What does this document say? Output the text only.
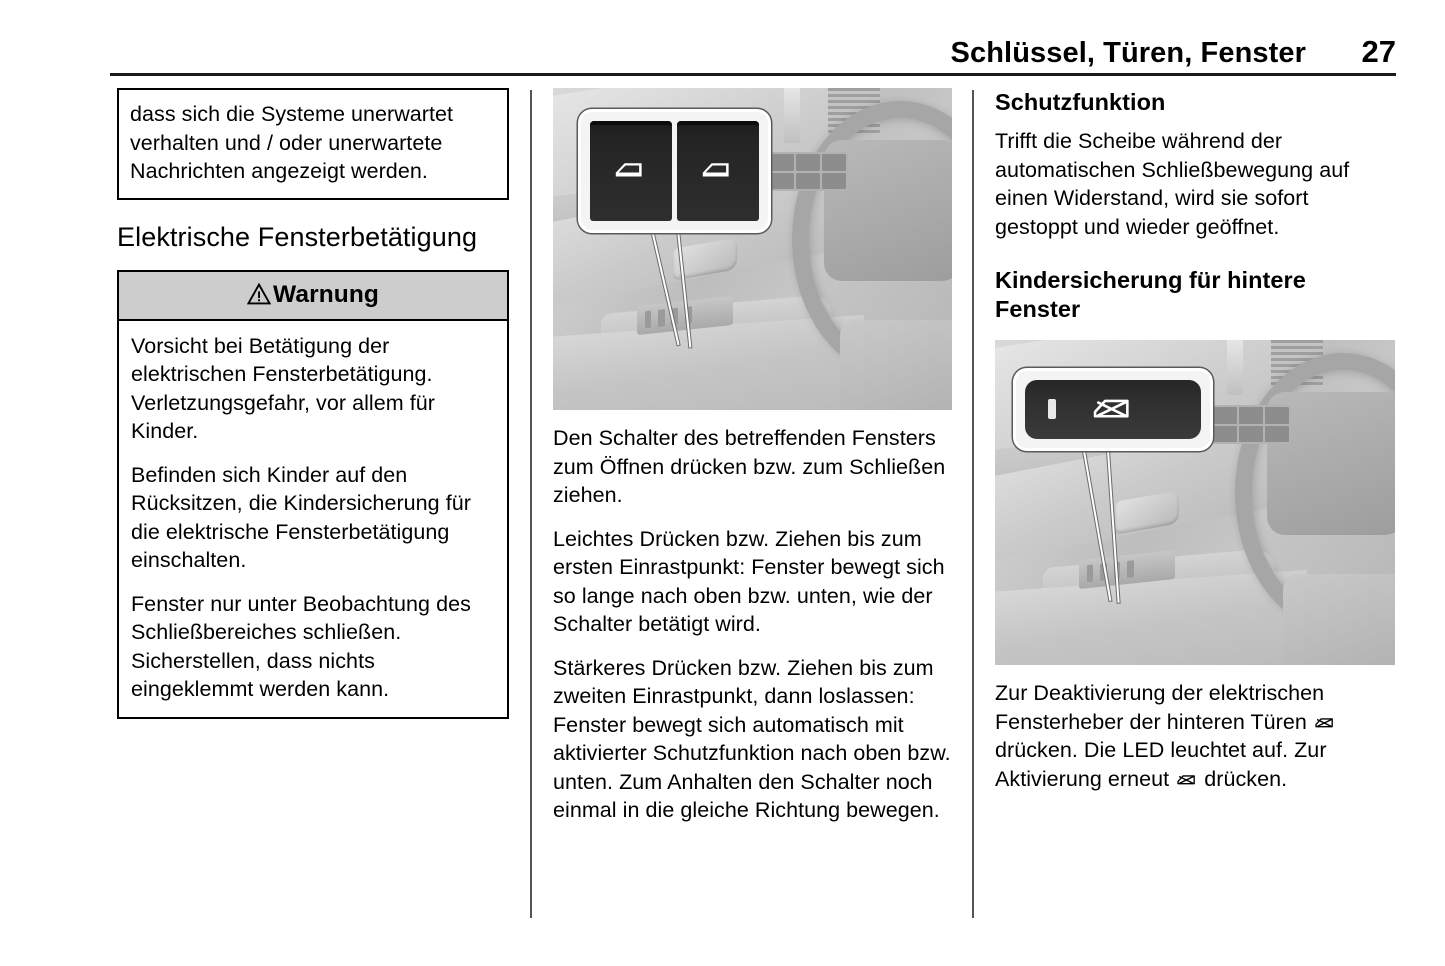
Schlüssel, Türen, Fenster	27

dass sich die Systeme unerwartet verhalten und / oder unerwartete Nachrichten angezeigt werden.

Elektrische Fensterbetätigung
Warnung

Vorsicht bei Betätigung der elektrischen Fensterbetätigung. Verletzungsgefahr, vor allem für Kinder.

Befinden sich Kinder auf den Rücksitzen, die Kindersicherung für die elektrische Fensterbetätigung einschalten.

Fenster nur unter Beobachtung des Schließbereiches schließen. Sicherstellen, dass nichts eingeklemmt werden kann.

Den Schalter des betreffenden Fensters zum Öffnen drücken bzw. zum Schließen ziehen.

Leichtes Drücken bzw. Ziehen bis zum ersten Einrastpunkt: Fenster bewegt sich so lange nach oben bzw. unten, wie der Schalter betätigt wird.

Stärkeres Drücken bzw. Ziehen bis zum zweiten Einrastpunkt, dann loslassen: Fenster bewegt sich automatisch mit aktivierter Schutzfunktion nach oben bzw. unten. Zum Anhalten den Schalter noch einmal in die gleiche Richtung bewegen.

Schutzfunktion

Trifft die Scheibe während der automatischen Schließbewegung auf einen Widerstand, wird sie sofort gestoppt und wieder geöffnet.

Kindersicherung für hintere Fenster

Zur Deaktivierung der elektrischen Fensterheber der hinteren Türen
drücken. Die LED leuchtet auf. Zur Aktivierung erneut
drücken.
